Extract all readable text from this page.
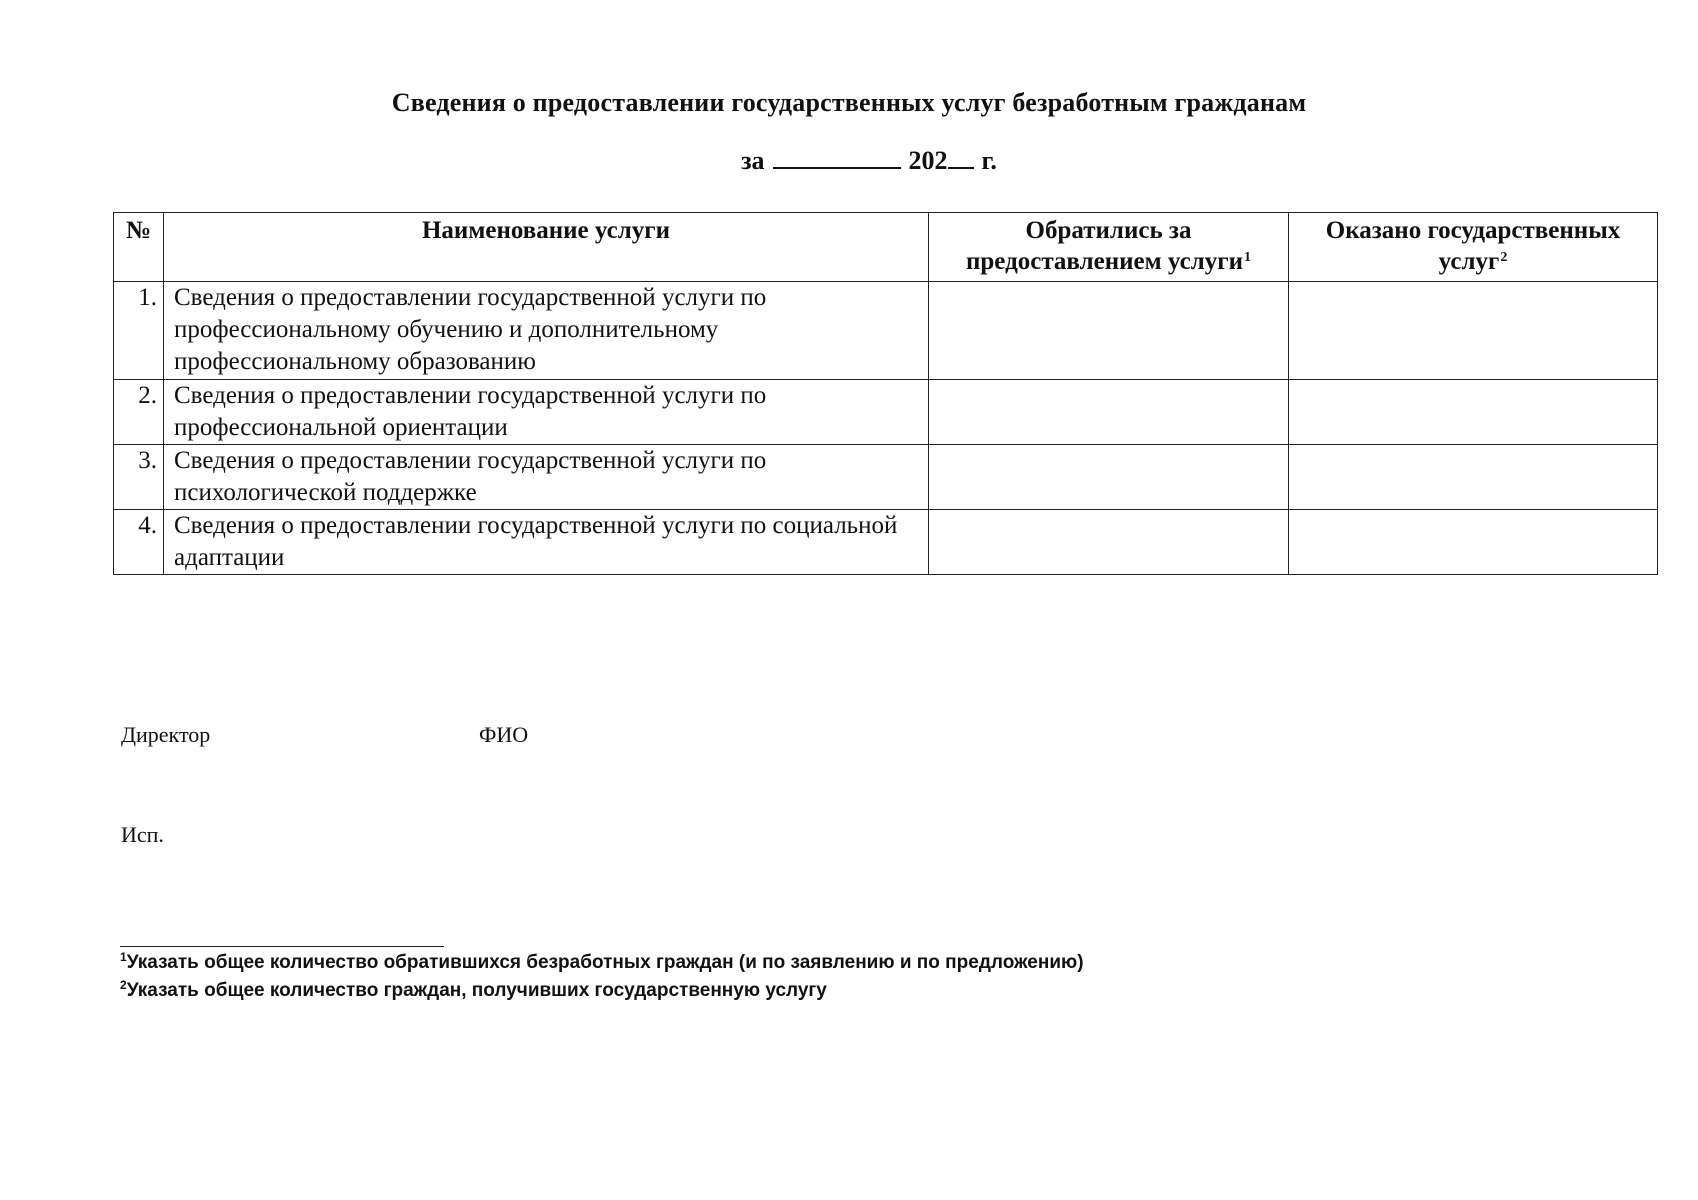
Сведения о предоставлении государственных услуг безработным гражданам
за	202 г.
№	Наименование услуги	Обратились за предоставлением услуги$^1$	Оказано государственных услуг$^2$
1.	Сведения о предоставлении государственной услуги по профессиональному обучению и дополнительному профессиональному образованию		
2.	Сведения о предоставлении государственной услуги по профессиональной ориентации		
3.	Сведения о предоставлении государственной услуги по психологической поддержке		
4.	Сведения о предоставлении государственной услуги по социальной адаптации		
Директор	ФИО
Исп.
$^1$Указать общее количество обратившихся безработных граждан (и по заявлению и по предложению)
$^2$Указать общее количество граждан, получивших государственную услугу
